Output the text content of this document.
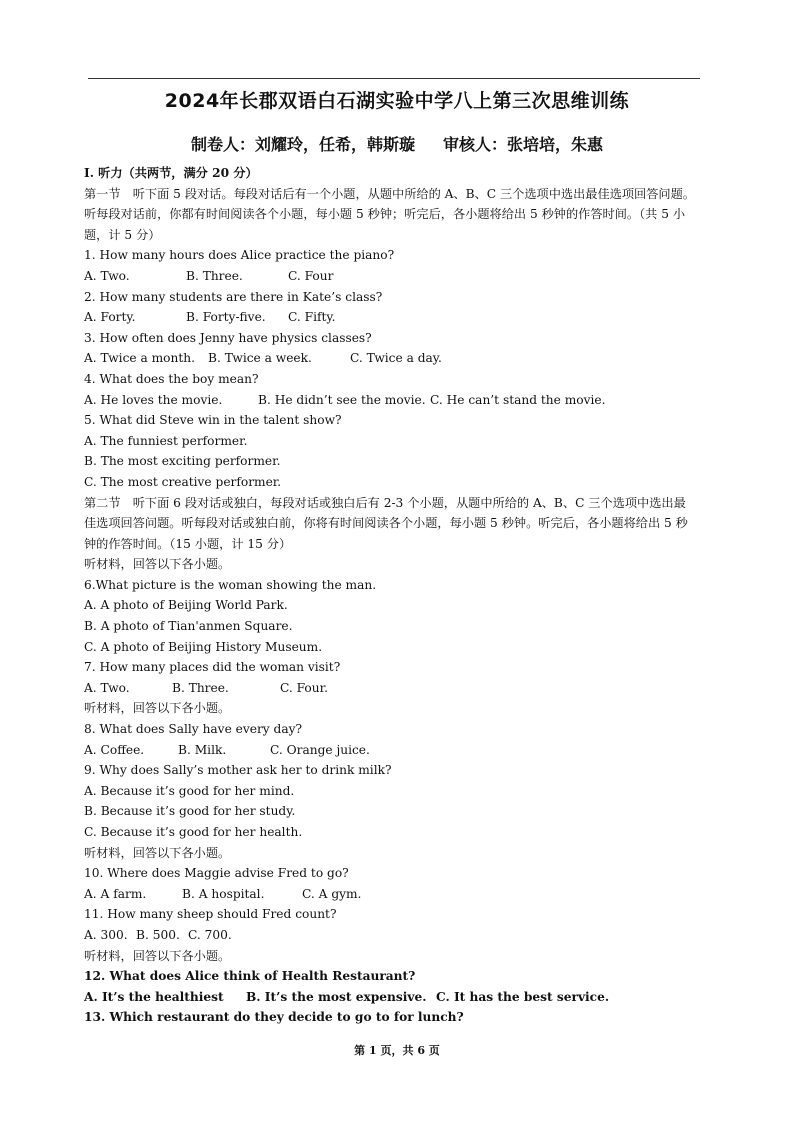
2024年长郡双语白石湖实验中学八上第三次思维训练
制卷人：刘耀玲，任希，韩斯璇 审核人：张培培，朱惠
I. 听力（共两节，满分 20 分）
第一节　听下面 5 段对话。每段对话后有一个小题，从题中所给的 A、B、C 三个选项中选出最佳选项回答问题。
听每段对话前，你都有时间阅读各个小题，每小题 5 秒钟；听完后，各小题将给出 5 秒钟的作答时间。（共 5 小
题，计 5 分）
1. How many hours does Alice practice the piano?
A. Two.	B. Three.	C. Four
2. How many students are there in Kate’s class?
A. Forty.	B. Forty-five. C. Fifty.
3. How often does Jenny have physics classes?
A. Twice a month. B. Twice a week.	C. Twice a day.
4. What does the boy mean?
A. He loves the movie.	B. He didn’t see the movie. C. He can’t stand the movie.
5. What did Steve win in the talent show?
A. The funniest performer.
B. The most exciting performer.
C. The most creative performer.
第二节　听下面 6 段对话或独白，每段对话或独白后有 2-3 个小题，从题中所给的 A、B、C 三个选项中选出最
佳选项回答问题。听每段对话或独白前，你将有时间阅读各个小题，每小题 5 秒钟。听完后，各小题将给出 5 秒
钟的作答时间。（15 小题，计 15 分）
听材料，回答以下各小题。
6.What picture is the woman showing the man.
A. A photo of Beijing World Park.
B. A photo of Tian'anmen Square.
C. A photo of Beijing History Museum.
7. How many places did the woman visit?
A. Two.	B. Three.	C. Four.
听材料，回答以下各小题。
8. What does Sally have every day?
A. Coffee.	B. Milk.	C. Orange juice.
9. Why does Sally’s mother ask her to drink milk?
A. Because it’s good for her mind.
B. Because it’s good for her study.
C. Because it’s good for her health.
听材料，回答以下各小题。
10. Where does Maggie advise Fred to go?
A. A farm.	B. A hospital.	C. A gym.
11. How many sheep should Fred count?
A. 300. B. 500. C. 700.
听材料，回答以下各小题。
12. What does Alice think of Health Restaurant?
A. It’s the healthiest B. It’s the most expensive. C. It has the best service.
13. Which restaurant do they decide to go to for lunch?
第 1 页，共 6 页
